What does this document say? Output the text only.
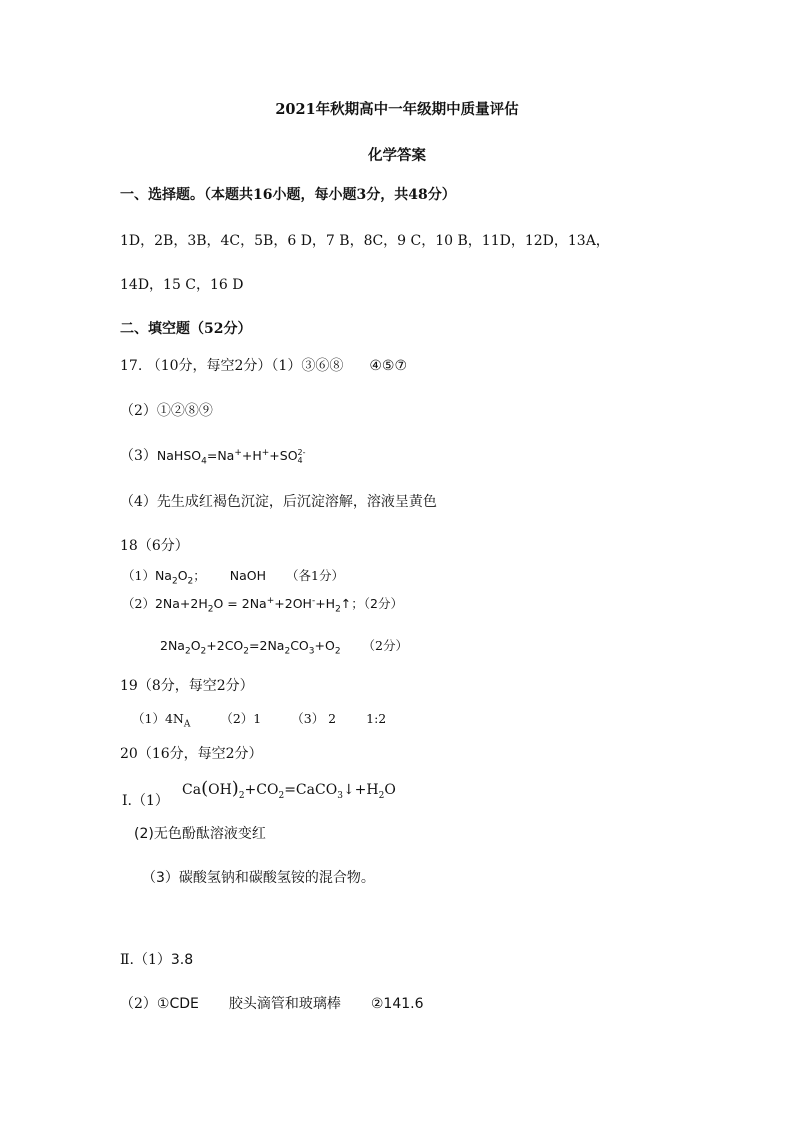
2021年秋期高中一年级期中质量评估
化学答案
一、选择题。（本题共16小题，每小题3分，共48分）
1D，2B，3B，4C，5B，6 D，7 B，8C，9 C，10 B，11D，12D，13A，
14D，15 C，16 D
二、填空题（52分）
17. （10分，每空2分）（1）③⑥⑧ ④⑤⑦
（2）①②⑧⑨
（3）NaHSO$_4$=Na++H++SO 2-
4
（4）先生成红褐色沉淀，后沉淀溶解，溶液呈黄色
18（6分）
$(1)Na_2O_2$； NaOH （各1分）
$(2)2Na+2H_2O$ = $2Na^++2OH^-+H_2↑$；（2分）
$2Na_2O_2+2CO_2=2Na_2CO_3+O_2$ （2分）
19（8分，每空2分）
$(1)4N_A$ （2）1 （3） 2 1:2
20（16分，每空2分）
Ⅰ.（1）
$Ca(OH)_2+CO_2=CaCO_3↓+H_2O$
(2)无色酚酞溶液变红
（3）碳酸氢钠和碳酸氢铵的混合物。
Ⅱ.（1）3.8
（2）①CDE 胶头滴管和玻璃棒 ②141.6
